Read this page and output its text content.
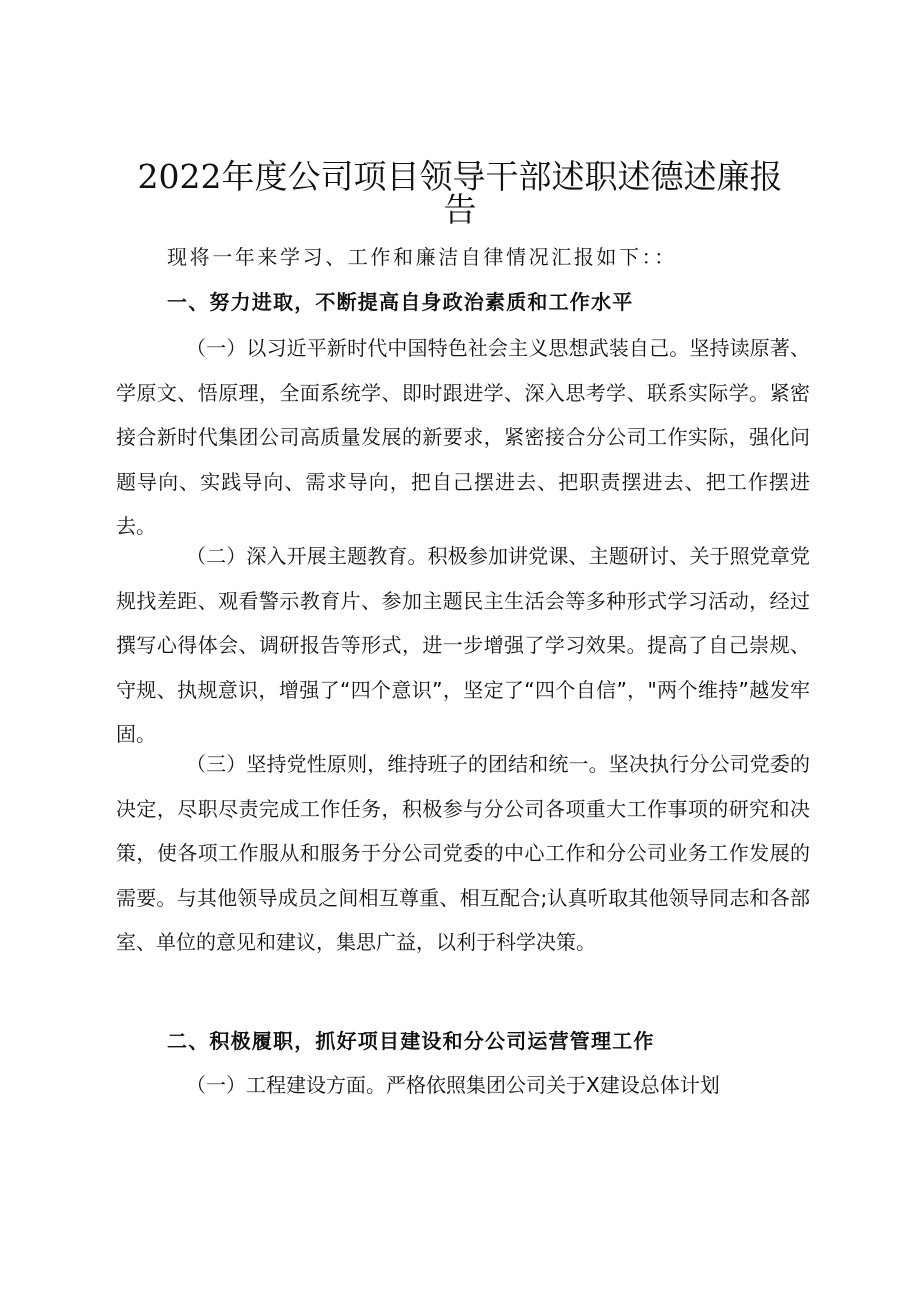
2022年度公司项目领导干部述职述德述廉报
告

现将一年来学习、工作和廉洁自律情况汇报如下：：

一、努力进取，不断提高自身政治素质和工作水平

（一）以习近平新时代中国特色社会主义思想武装自己。坚持读原著、学原文、悟原理，全面系统学、即时跟进学、深入思考学、联系实际学。紧密接合新时代集团公司高质量发展的新要求，紧密接合分公司工作实际，强化问题导向、实践导向、需求导向，把自己摆进去、把职责摆进去、把工作摆进去。

（二）深入开展主题教育。积极参加讲党课、主题研讨、关于照党章党规找差距、观看警示教育片、参加主题民主生活会等多种形式学习活动，经过撰写心得体会、调研报告等形式，进一步增强了学习效果。提高了自己崇规、守规、执规意识，增强了“四个意识”，坚定了“四个自信”，"两个维持”越发牢固。

（三）坚持党性原则，维持班子的团结和统一。坚决执行分公司党委的决定，尽职尽责完成工作任务，积极参与分公司各项重大工作事项的研究和决策，使各项工作服从和服务于分公司党委的中心工作和分公司业务工作发展的需要。与其他领导成员之间相互尊重、相互配合;认真听取其他领导同志和各部室、单位的意见和建议，集思广益，以利于科学决策。

二、积极履职，抓好项目建设和分公司运营管理工作

（一）工程建设方面。严格依照集团公司关于X建设总体计划
